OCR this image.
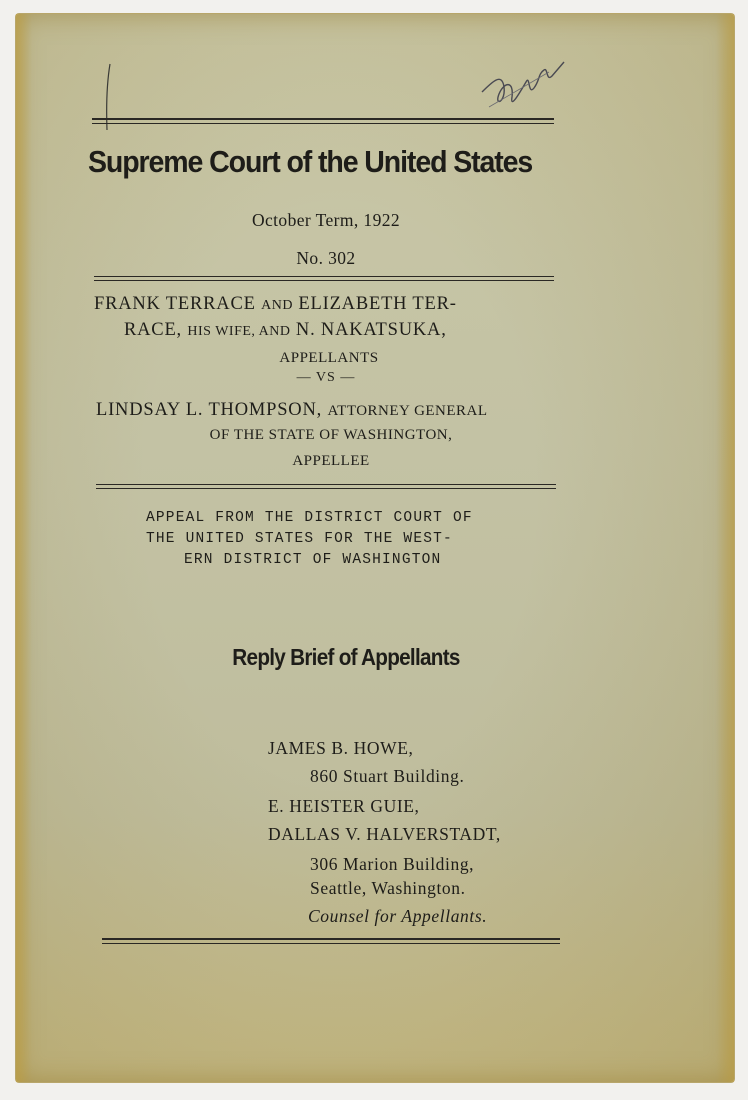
Supreme Court of the United States
October Term, 1922
No. 302
FRANK TERRACE AND ELIZABETH TER-
RACE, HIS WIFE, AND N. NAKATSUKA,
APPELLANTS
— VS —
LINDSAY L. THOMPSON, ATTORNEY GENERAL
OF THE STATE OF WASHINGTON,
APPELLEE
APPEAL FROM THE DISTRICT COURT OF
THE UNITED STATES FOR THE WEST-
ERN DISTRICT OF WASHINGTON
Reply Brief of Appellants
JAMES B. HOWE,
860 Stuart Building.
E. HEISTER GUIE,
DALLAS V. HALVERSTADT,
306 Marion Building,
Seattle, Washington.
Counsel for Appellants.
